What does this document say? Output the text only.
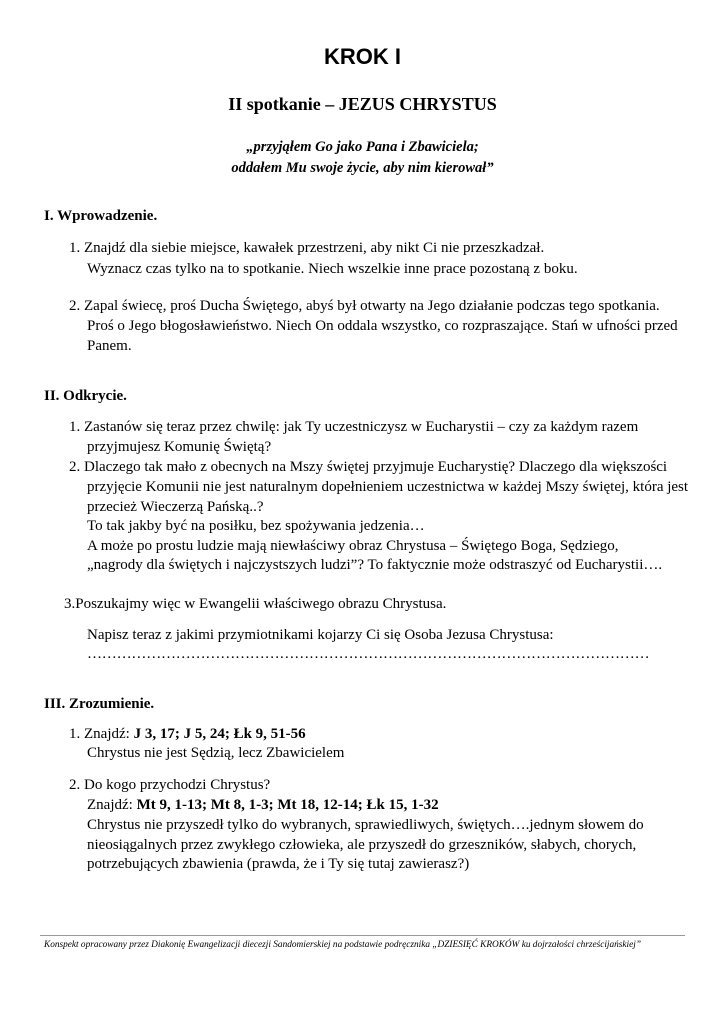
KROK I
II spotkanie – JEZUS CHRYSTUS
„przyjąłem Go jako Pana i Zbawiciela;
oddałem Mu swoje życie, aby nim kierował”
I. Wprowadzenie.
1. Znajdź dla siebie miejsce, kawałek przestrzeni, aby nikt Ci nie przeszkadzał.
Wyznacz czas tylko na to spotkanie. Niech wszelkie inne prace pozostaną z boku.
2. Zapal świecę, proś Ducha Świętego, abyś był otwarty na Jego działanie podczas tego spotkania.
Proś o Jego błogosławieństwo. Niech On oddala wszystko, co rozpraszające. Stań w ufności przed
Panem.
II. Odkrycie.
1. Zastanów się teraz przez chwilę: jak Ty uczestniczysz w Eucharystii – czy za każdym razem
przyjmujesz Komunię Świętą?
2. Dlaczego tak mało z obecnych na Mszy świętej przyjmuje Eucharystię? Dlaczego dla większości
przyjęcie Komunii nie jest naturalnym dopełnieniem uczestnictwa w każdej Mszy świętej, która jest
przecież Wieczerzą Pańską..?
To tak jakby być na posiłku, bez spożywania jedzenia…
A może po prostu ludzie mają niewłaściwy obraz Chrystusa – Świętego Boga, Sędziego,
„nagrody dla świętych i najczystszych ludzi”? To faktycznie może odstraszyć od Eucharystii….
3.Poszukajmy więc w Ewangelii właściwego obrazu Chrystusa.
Napisz teraz z jakimi przymiotnikami kojarzy Ci się Osoba Jezusa Chrystusa:
……………………………………………………………………………………………………
III. Zrozumienie.
1. Znajdź: J 3, 17; J 5, 24; Łk 9, 51-56
Chrystus nie jest Sędzią, lecz Zbawicielem
2. Do kogo przychodzi Chrystus?
Znajdź: Mt 9, 1-13; Mt 8, 1-3; Mt 18, 12-14; Łk 15, 1-32
Chrystus nie przyszedł tylko do wybranych, sprawiedliwych, świętych….jednym słowem do
nieosiągalnych przez zwykłego człowieka, ale przyszedł do grzeszników, słabych, chorych,
potrzebujących zbawienia (prawda, że i Ty się tutaj zawierasz?)
Konspekt opracowany przez Diakonię Ewangelizacji diecezji Sandomierskiej na podstawie podręcznika „DZIESIĘĆ KROKÓW ku dojrzałości chrześcijańskiej”
